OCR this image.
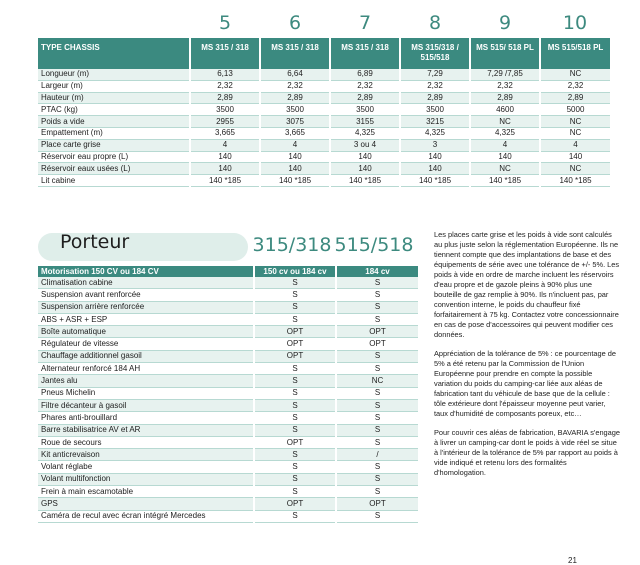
5	6	7	8	9	10
TYPE CHASSIS	MS 315 / 318	MS 315 / 318	MS 315 / 318	MS 315/318 / 515/518	MS 515/ 518 PL	MS 515/518 PL
Longueur (m)	6,13	6,64	6,89	7,29	7,29 /7,85	NC
Largeur (m)	2,32	2,32	2,32	2,32	2,32	2,32
Hauteur (m)	2,89	2,89	2,89	2,89	2,89	2,89
PTAC (kg)	3500	3500	3500	3500	4600	5000
Poids a vide	2955	3075	3155	3215	NC	NC
Empattement (m)	3,665	3,665	4,325	4,325	4,325	NC
Place carte grise	4	4	3 ou 4	3	4	4
Réservoir eau propre (L)	140	140	140	140	140	140
Réservoir eaux usées (L)	140	140	140	140	NC	NC
Lit cabine	140 *185	140 *185	140 *185	140 *185	140 *185	140 *185
Porteur	315/318 515/518
Motorisation 150 CV ou 184 CV	150 cv ou 184 cv	184 cv
Climatisation cabine	S	S
Suspension avant renforcée	S	S
Suspension arrière renforcée	S	S
ABS + ASR + ESP	S	S
Boîte automatique	OPT	OPT
Régulateur de vitesse	OPT	OPT
Chauffage additionnel gasoil	OPT	S
Alternateur renforcé 184 AH	S	S
Jantes alu	S	NC
Pneus Michelin	S	S
Filtre décanteur à gasoil	S	S
Phares anti-brouillard	S	S
Barre stabilisatrice AV et AR	S	S
Roue de secours	OPT	S
Kit anticrevaison	S	/
Volant réglabe	S	S
Volant multifonction	S	S
Frein à main escamotable	S	S
GPS	OPT	OPT
Caméra de recul avec écran intégré Mercedes	S	S

Les places carte grise et les poids à vide sont calculés au plus juste selon la réglementation Européenne. Ils ne tiennent compte que des implantations de base et des équipements de série avec une tolérance de +/- 5%. Les poids à vide en ordre de marche incluent les réservoirs d'eau propre et de gazole pleins à 90% plus une bouteille de gaz remplie à 90%. Ils n'incluent pas, par convention interne, le poids du chauffeur fixé forfaitairement à 75 kg. Contactez votre concessionnaire en cas de pose d'accessoires qui peuvent modifier ces données.

Appréciation de la tolérance de 5% : ce pourcentage de 5% a été retenu par la Commission de l'Union Européenne pour prendre en compte la possible variation du poids du camping-car liée aux aléas de fabrication tant du véhicule de base que de la cellule : tôle extérieure dont l'épaisseur moyenne peut varier, taux d'humidité de composants poreux, etc…

Pour couvrir ces aléas de fabrication, BAVARIA s'engage à livrer un camping-car dont le poids à vide réel se situe à l'intérieur de la tolérance de 5% par rapport au poids à vide indiqué et retenu lors des formalités d'homologation.

21
